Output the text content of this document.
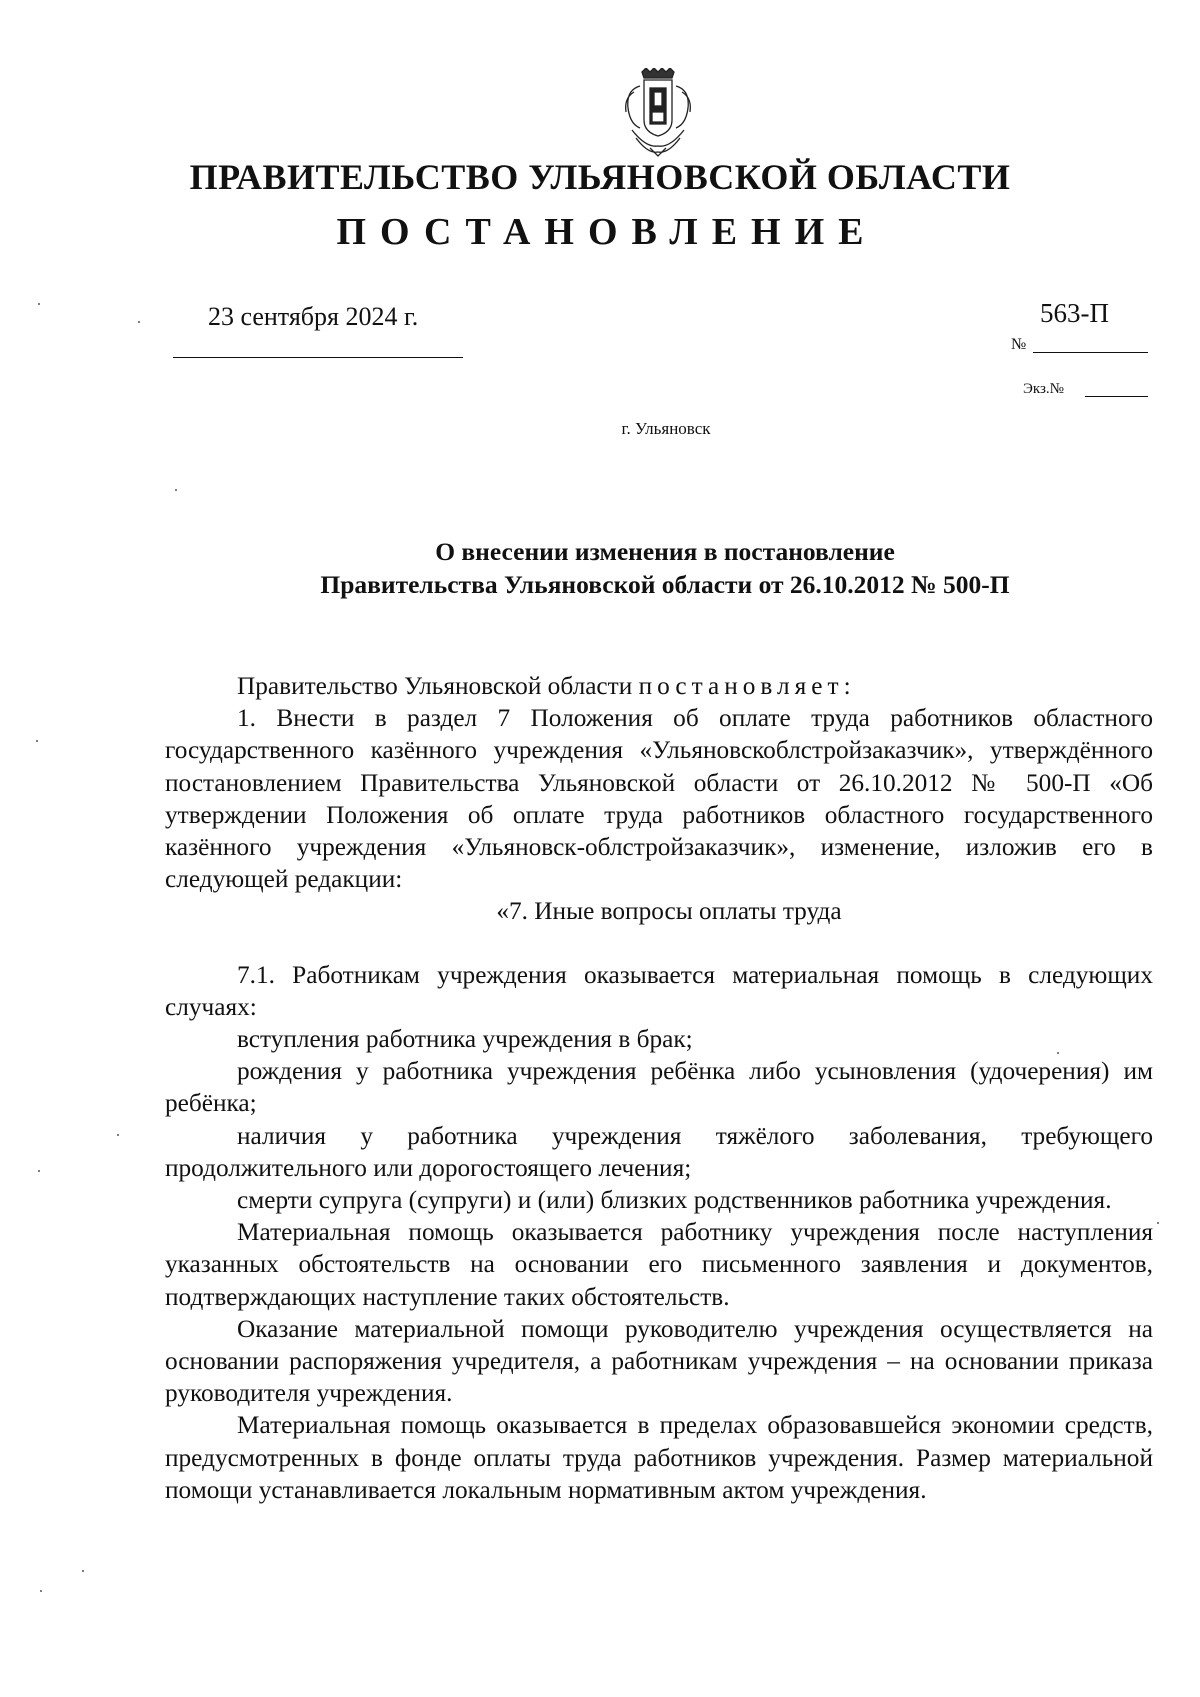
ПРАВИТЕЛЬСТВО УЛЬЯНОВСКОЙ ОБЛАСТИ
ПОСТАНОВЛЕНИЕ
23 сентября 2024 г.	563-П
№
Экз.№
г. Ульяновск
О внесении изменения в постановление
Правительства Ульяновской области от 26.10.2012 № 500-П

Правительство Ульяновской области постановляет:

1. Внести в раздел 7 Положения об оплате труда работников областного государственного казённого учреждения «Ульяновскоблстройзаказчик», утверждённого постановлением Правительства Ульяновской области от 26.10.2012 № 500-П «Об утверждении Положения об оплате труда работников областного государственного казённого учреждения «Ульяновск-облстройзаказчик», изменение, изложив его в следующей редакции:

«7. Иные вопросы оплаты труда

7.1. Работникам учреждения оказывается материальная помощь в следующих случаях:

вступления работника учреждения в брак;

рождения у работника учреждения ребёнка либо усыновления (удочерения) им ребёнка;

наличия у работника учреждения тяжёлого заболевания, требующего продолжительного или дорогостоящего лечения;

смерти супруга (супруги) и (или) близких родственников работника учреждения.

Материальная помощь оказывается работнику учреждения после наступления указанных обстоятельств на основании его письменного заявления и документов, подтверждающих наступление таких обстоятельств.

Оказание материальной помощи руководителю учреждения осуществляется на основании распоряжения учредителя, а работникам учреждения – на основании приказа руководителя учреждения.

Материальная помощь оказывается в пределах образовавшейся экономии средств, предусмотренных в фонде оплаты труда работников учреждения. Размер материальной помощи устанавливается локальным нормативным актом учреждения.
